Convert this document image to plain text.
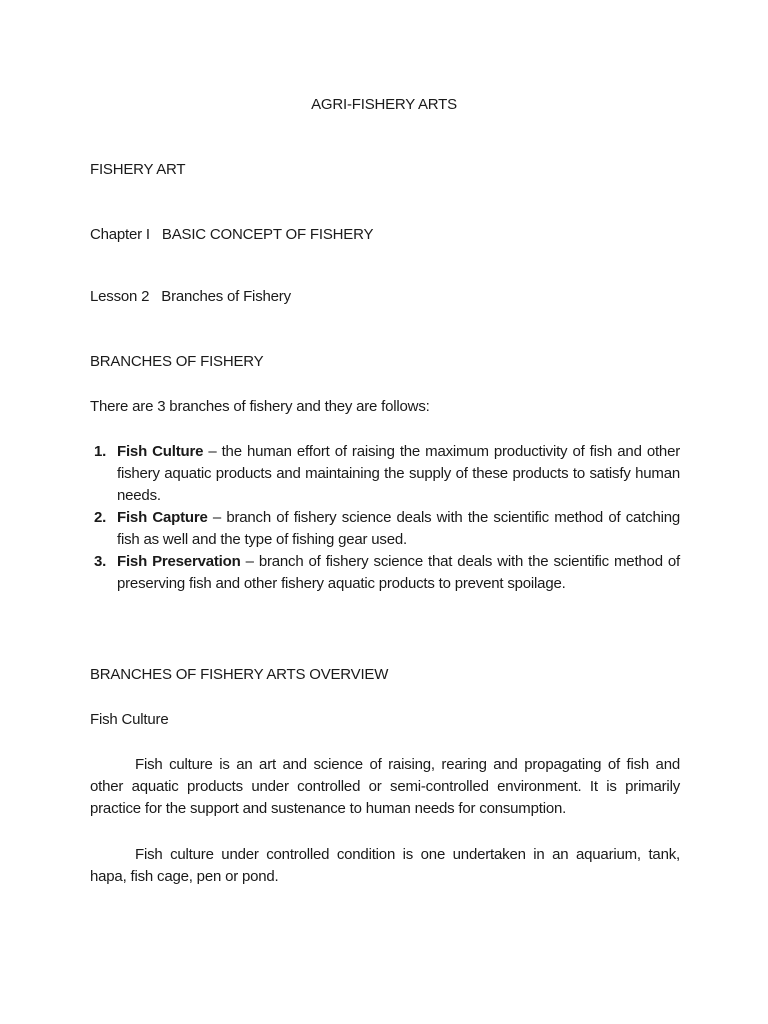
AGRI-FISHERY ARTS
FISHERY ART
Chapter I BASIC CONCEPT OF FISHERY
Lesson 2 Branches of Fishery
BRANCHES OF FISHERY
There are 3 branches of fishery and they are follows:
1. Fish Culture – the human effort of raising the maximum productivity of fish and other fishery aquatic products and maintaining the supply of these products to satisfy human needs.
2. Fish Capture – branch of fishery science deals with the scientific method of catching fish as well and the type of fishing gear used.
3. Fish Preservation – branch of fishery science that deals with the scientific method of preserving fish and other fishery aquatic products to prevent spoilage.
BRANCHES OF FISHERY ARTS OVERVIEW
Fish Culture

Fish culture is an art and science of raising, rearing and propagating of fish and other aquatic products under controlled or semi-controlled environment. It is primarily practice for the support and sustenance to human needs for consumption.

Fish culture under controlled condition is one undertaken in an aquarium, tank, hapa, fish cage, pen or pond.
